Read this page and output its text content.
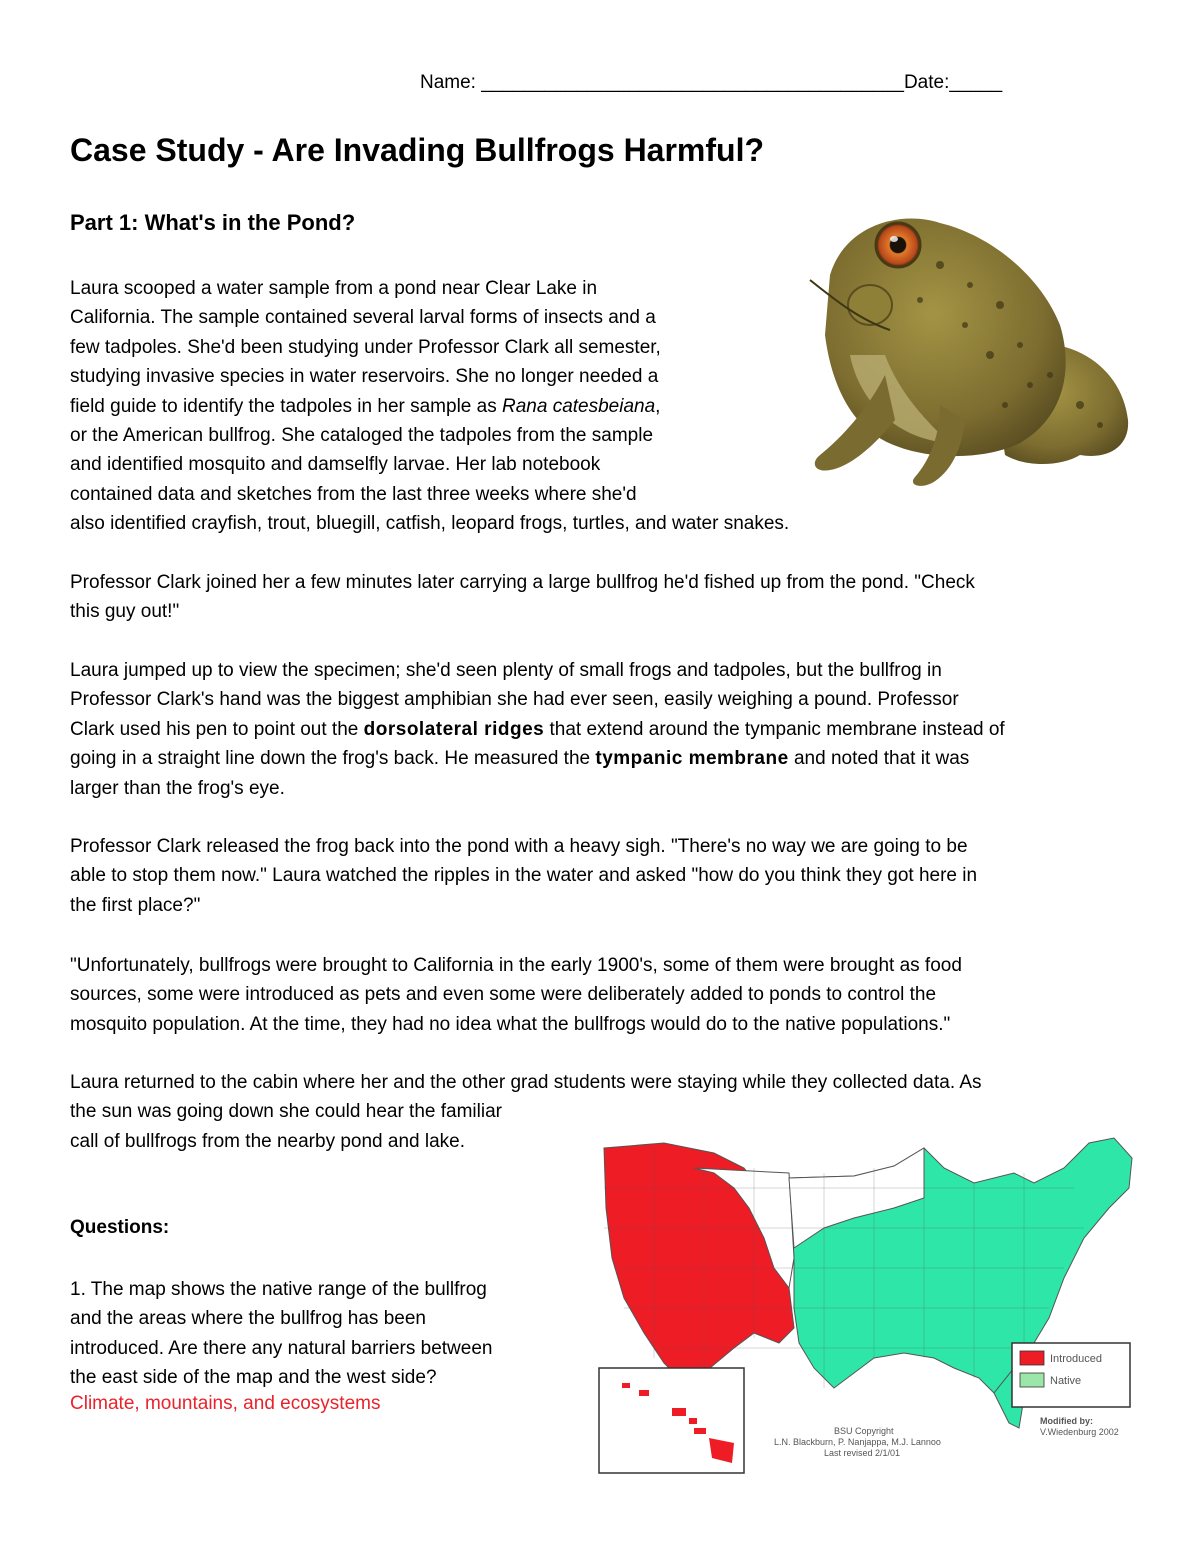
Name: ________________________________________Date:_____
Case Study - Are Invading Bullfrogs Harmful?
Part 1: What's in the Pond?

Laura scooped a water sample from a pond near Clear Lake in
California. The sample contained several larval forms of insects and a
few tadpoles. She'd been studying under Professor Clark all semester,
studying invasive species in water reservoirs. She no longer needed a
field guide to identify the tadpoles in her sample as Rana catesbeiana,
or the American bullfrog. She cataloged the tadpoles from the sample
and identified mosquito and damselfly larvae. Her lab notebook
contained data and sketches from the last three weeks where she'd
also identified crayfish, trout, bluegill, catfish, leopard frogs, turtles, and water snakes.

Professor Clark joined her a few minutes later carrying a large bullfrog he'd fished up from the pond. "Check
this guy out!"

Laura jumped up to view the specimen; she'd seen plenty of small frogs and tadpoles, but the bullfrog in
Professor Clark's hand was the biggest amphibian she had ever seen, easily weighing a pound. Professor
Clark used his pen to point out the dorsolateral ridges that extend around the tympanic membrane instead of
going in a straight line down the frog's back. He measured the tympanic membrane and noted that it was
larger than the frog's eye.

Professor Clark released the frog back into the pond with a heavy sigh. "There's no way we are going to be
able to stop them now." Laura watched the ripples in the water and asked "how do you think they got here in
the first place?"

"Unfortunately, bullfrogs were brought to California in the early 1900's, some of them were brought as food
sources, some were introduced as pets and even some were deliberately added to ponds to control the
mosquito population. At the time, they had no idea what the bullfrogs would do to the native populations."

Laura returned to the cabin where her and the other grad students were staying while they collected data. As
the sun was going down she could hear the familiar
call of bullfrogs from the nearby pond and lake.

Questions:

1. The map shows the native range of the bullfrog
and the areas where the bullfrog has been
introduced. Are there any natural barriers between
the east side of the map and the west side?

Climate, mountains, and ecosystems
Introduced
Native
Modified by:
V.Wiedenburg 2002
BSU Copyright
L.N. Blackburn, P. Nanjappa, M.J. Lannoo
Last revised 2/1/01
